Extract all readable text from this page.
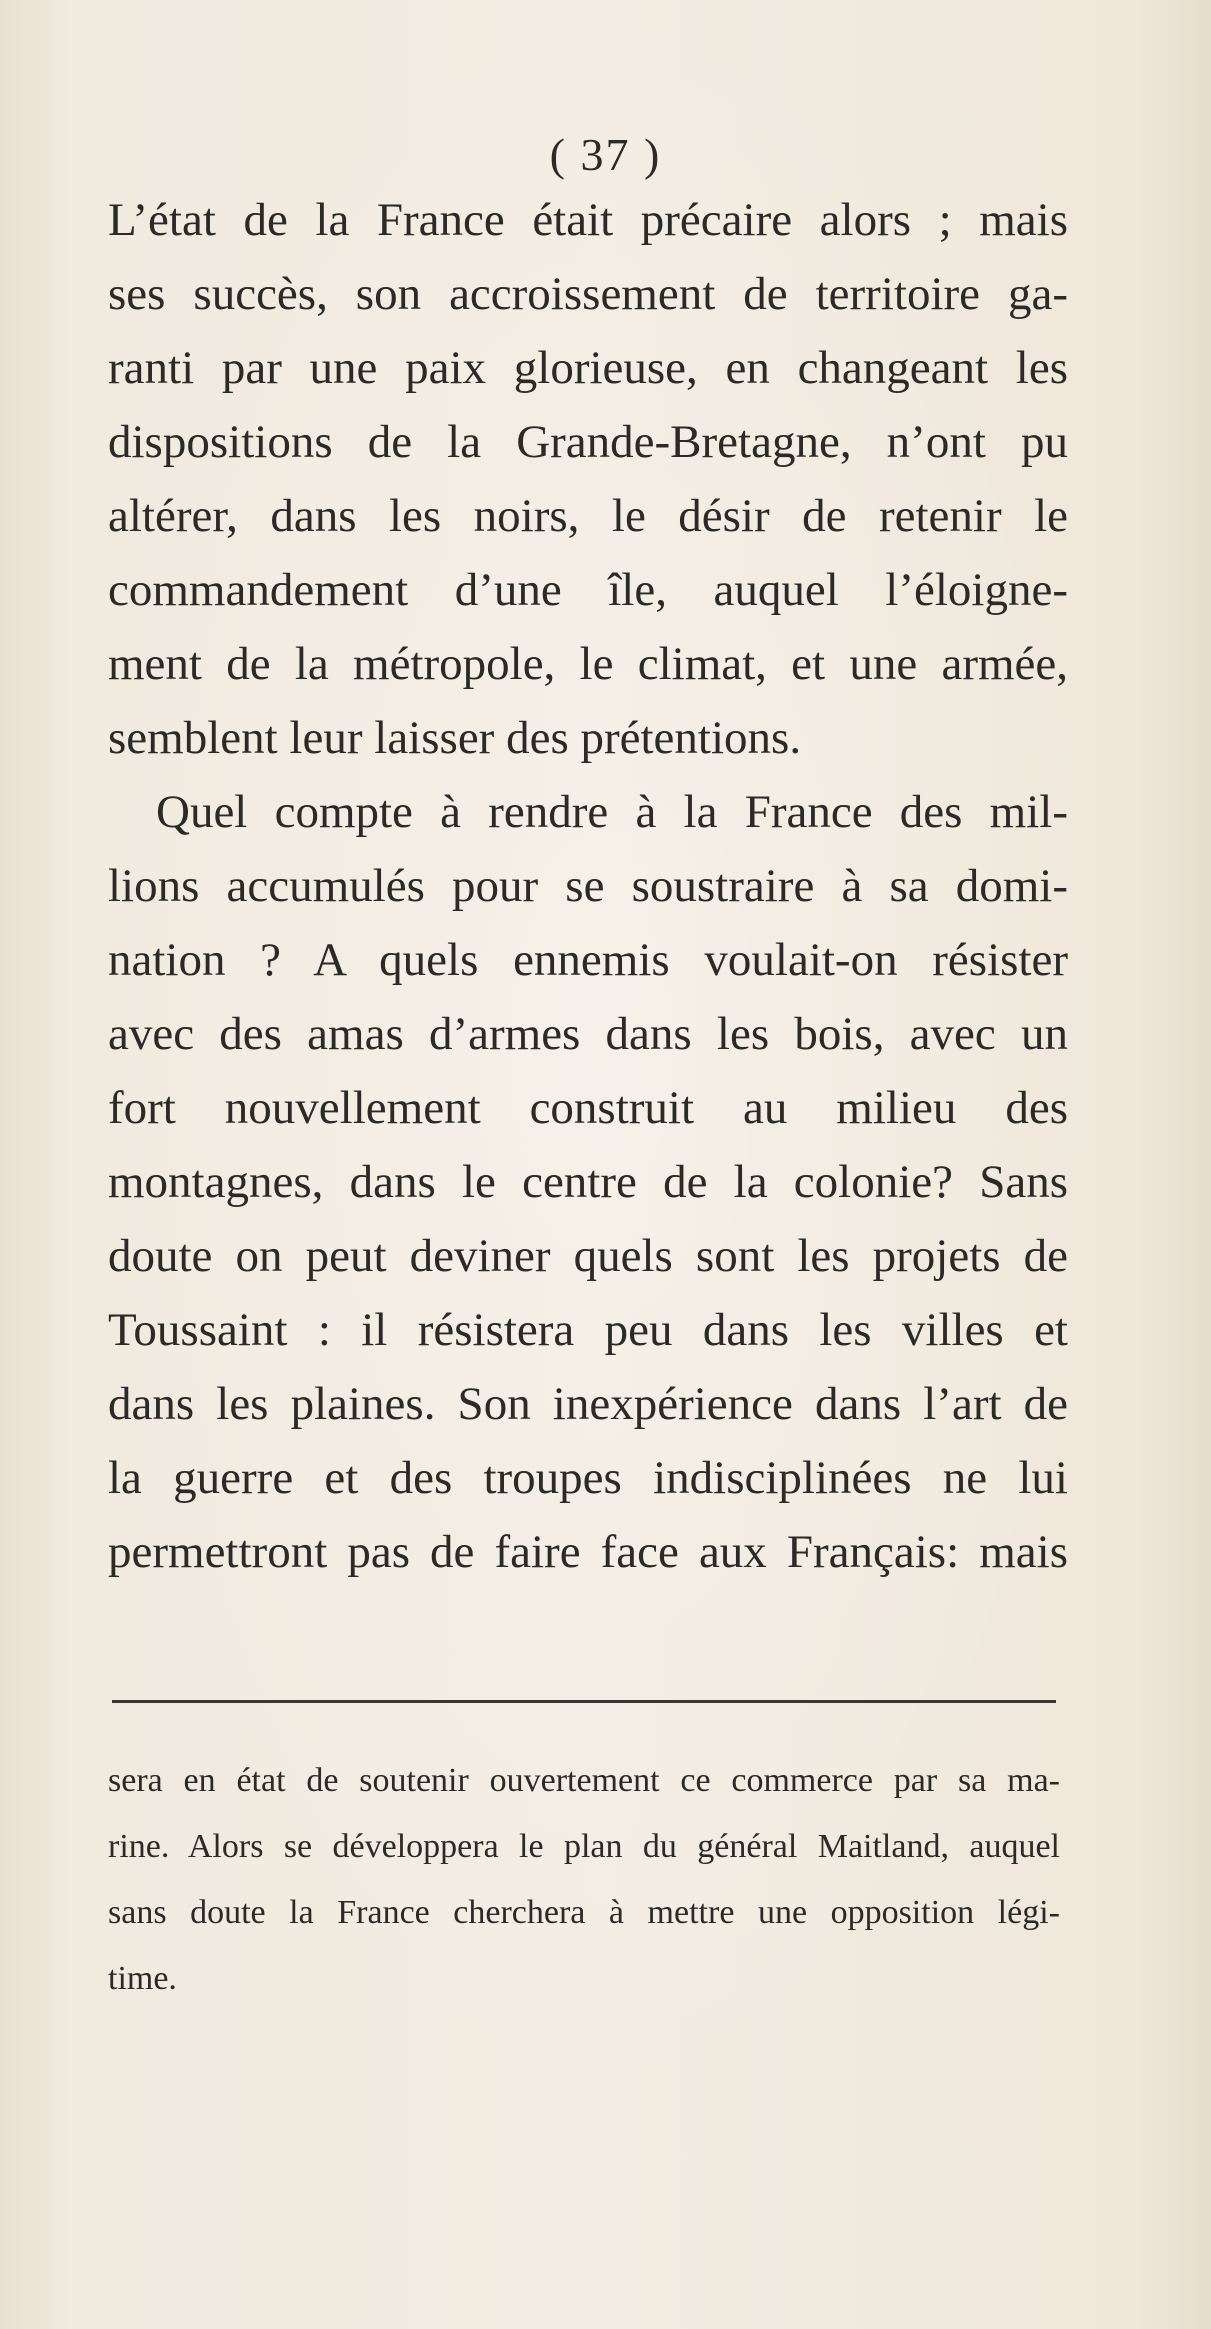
( 37 )
L’état de la France était précaire alors ; mais
ses succès, son accroissement de territoire ga-
ranti par une paix glorieuse, en changeant les
dispositions de la Grande-Bretagne, n’ont pu
altérer, dans les noirs, le désir de retenir le
commandement d’une île, auquel l’éloigne-
ment de la métropole, le climat, et une armée,
semblent leur laisser des prétentions.
Quel compte à rendre à la France des mil-
lions accumulés pour se soustraire à sa domi-
nation ? A quels ennemis voulait-on résister
avec des amas d’armes dans les bois, avec un
fort nouvellement construit au milieu des
montagnes, dans le centre de la colonie? Sans
doute on peut deviner quels sont les projets de
Toussaint : il résistera peu dans les villes et
dans les plaines. Son inexpérience dans l’art de
la guerre et des troupes indisciplinées ne lui
permettront pas de faire face aux Français: mais
sera en état de soutenir ouvertement ce commerce par sa ma-
rine. Alors se développera le plan du général Maitland, auquel
sans doute la France cherchera à mettre une opposition légi-
time.
